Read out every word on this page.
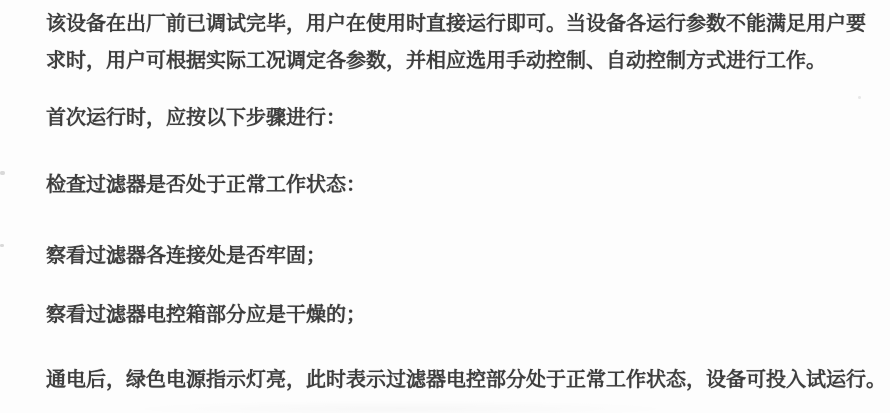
该设备在出厂前已调试完毕，用户在使用时直接运行即可。当设备各运行参数不能满足用户要求时，用户可根据实际工况调定各参数，并相应选用手动控制、自动控制方式进行工作。

首次运行时，应按以下步骤进行：

检查过滤器是否处于正常工作状态：

察看过滤器各连接处是否牢固；

察看过滤器电控箱部分应是干燥的；

通电后，绿色电源指示灯亮，此时表示过滤器电控部分处于正常工作状态，设备可投入试运行。
